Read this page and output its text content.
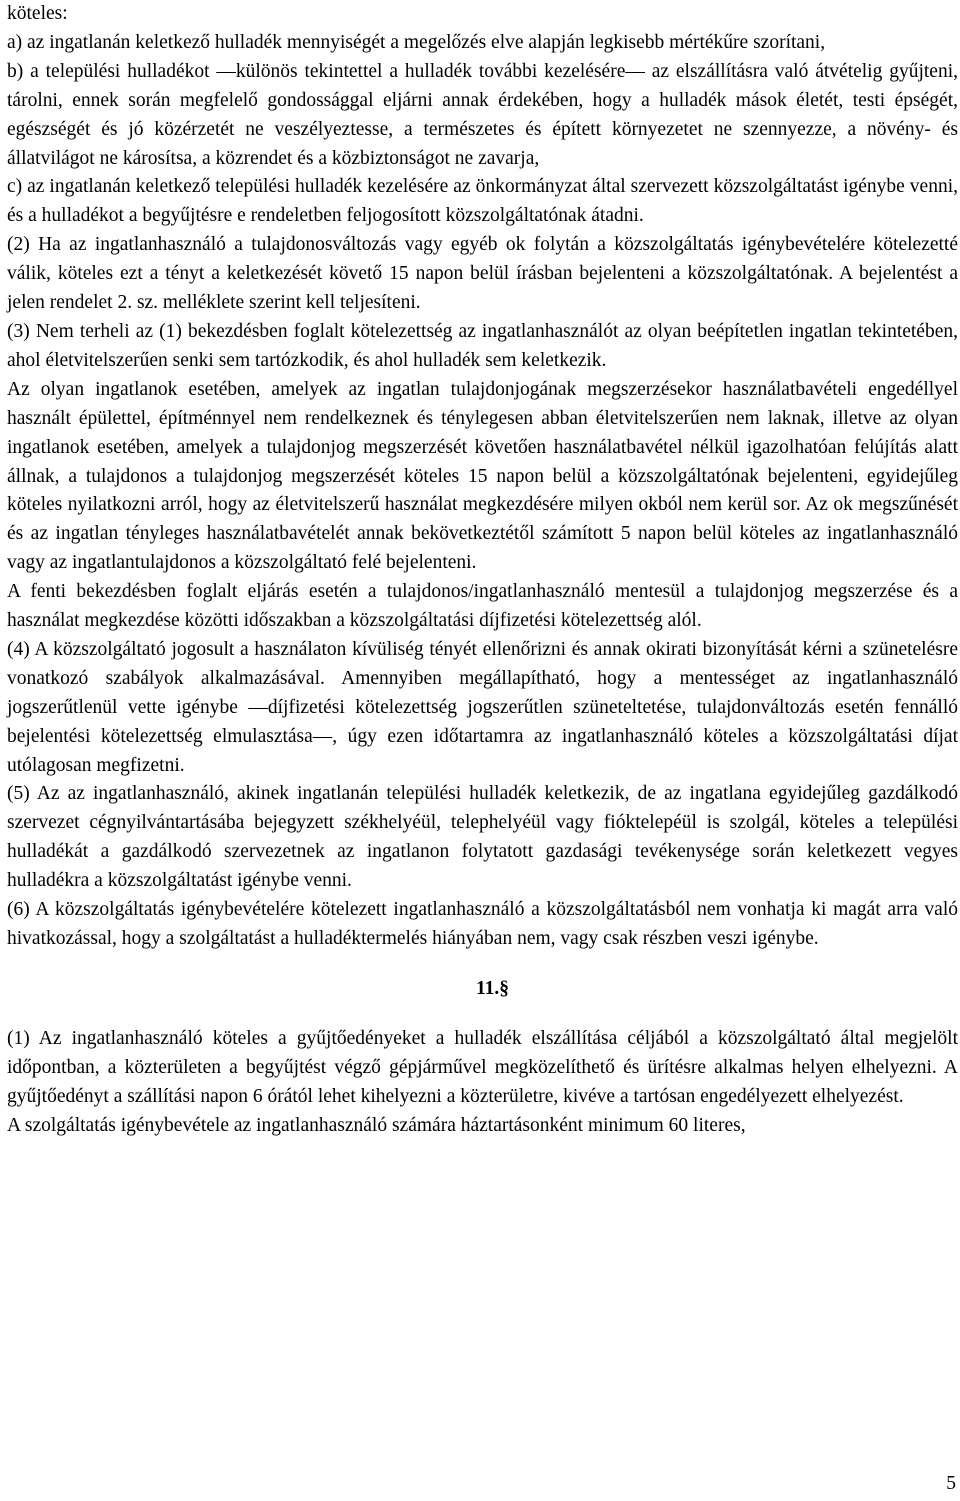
köteles:

a) az ingatlanán keletkező hulladék mennyiségét a megelőzés elve alapján legkisebb mértékűre szorítani,

b) a települési hulladékot ―különös tekintettel a hulladék további kezelésére― az elszállításra való átvételig gyűjteni, tárolni, ennek során megfelelő gondossággal eljárni annak érdekében, hogy a hulladék mások életét, testi épségét, egészségét és jó közérzetét ne veszélyeztesse, a természetes és épített környezetet ne szennyezze, a növény- és állatvilágot ne károsítsa, a közrendet és a közbiztonságot ne zavarja,

c) az ingatlanán keletkező települési hulladék kezelésére az önkormányzat által szervezett közszolgáltatást igénybe venni, és a hulladékot a begyűjtésre e rendeletben feljogosított közszolgáltatónak átadni.

(2) Ha az ingatlanhasználó a tulajdonosváltozás vagy egyéb ok folytán a közszolgáltatás igénybevételére kötelezetté válik, köteles ezt a tényt a keletkezését követő 15 napon belül írásban bejelenteni a közszolgáltatónak. A bejelentést a jelen rendelet 2. sz. melléklete szerint kell teljesíteni.

(3) Nem terheli az (1) bekezdésben foglalt kötelezettség az ingatlanhasználót az olyan beépítetlen ingatlan tekintetében, ahol életvitelszerűen senki sem tartózkodik, és ahol hulladék sem keletkezik.

Az olyan ingatlanok esetében, amelyek az ingatlan tulajdonjogának megszerzésekor használatbavételi engedéllyel használt épülettel, építménnyel nem rendelkeznek és ténylegesen abban életvitelszerűen nem laknak, illetve az olyan ingatlanok esetében, amelyek a tulajdonjog megszerzését követően használatbavétel nélkül igazolhatóan felújítás alatt állnak, a tulajdonos a tulajdonjog megszerzését köteles 15 napon belül a közszolgáltatónak bejelenteni, egyidejűleg köteles nyilatkozni arról, hogy az életvitelszerű használat megkezdésére milyen okból nem kerül sor. Az ok megszűnését és az ingatlan tényleges használatbavételét annak bekövetkeztétől számított 5 napon belül köteles az ingatlanhasználó vagy az ingatlantulajdonos a közszolgáltató felé bejelenteni.

A fenti bekezdésben foglalt eljárás esetén a tulajdonos/ingatlanhasználó mentesül a tulajdonjog megszerzése és a használat megkezdése közötti időszakban a közszolgáltatási díjfizetési kötelezettség alól.

(4) A közszolgáltató jogosult a használaton kívüliség tényét ellenőrizni és annak okirati bizonyítását kérni a szünetelésre vonatkozó szabályok alkalmazásával. Amennyiben megállapítható, hogy a mentességet az ingatlanhasználó jogszerűtlenül vette igénybe ―díjfizetési kötelezettség jogszerűtlen szüneteltetése, tulajdonváltozás esetén fennálló bejelentési kötelezettség elmulasztása―, úgy ezen időtartamra az ingatlanhasználó köteles a közszolgáltatási díjat utólagosan megfizetni.

(5) Az az ingatlanhasználó, akinek ingatlanán települési hulladék keletkezik, de az ingatlana egyidejűleg gazdálkodó szervezet cégnyilvántartásába bejegyzett székhelyéül, telephelyéül vagy fióktelepéül is szolgál, köteles a települési hulladékát a gazdálkodó szervezetnek az ingatlanon folytatott gazdasági tevékenysége során keletkezett vegyes hulladékra a közszolgáltatást igénybe venni.

(6) A közszolgáltatás igénybevételére kötelezett ingatlanhasználó a közszolgáltatásból nem vonhatja ki magát arra való hivatkozással, hogy a szolgáltatást a hulladéktermelés hiányában nem, vagy csak részben veszi igénybe.

11.§

(1) Az ingatlanhasználó köteles a gyűjtőedényeket a hulladék elszállítása céljából a közszolgáltató által megjelölt időpontban, a közterületen a begyűjtést végző gépjárművel megközelíthető és ürítésre alkalmas helyen elhelyezni. A gyűjtőedényt a szállítási napon 6 órától lehet kihelyezni a közterületre, kivéve a tartósan engedélyezett elhelyezést.

A szolgáltatás igénybevétele az ingatlanhasználó számára háztartásonként minimum 60 literes,

5
